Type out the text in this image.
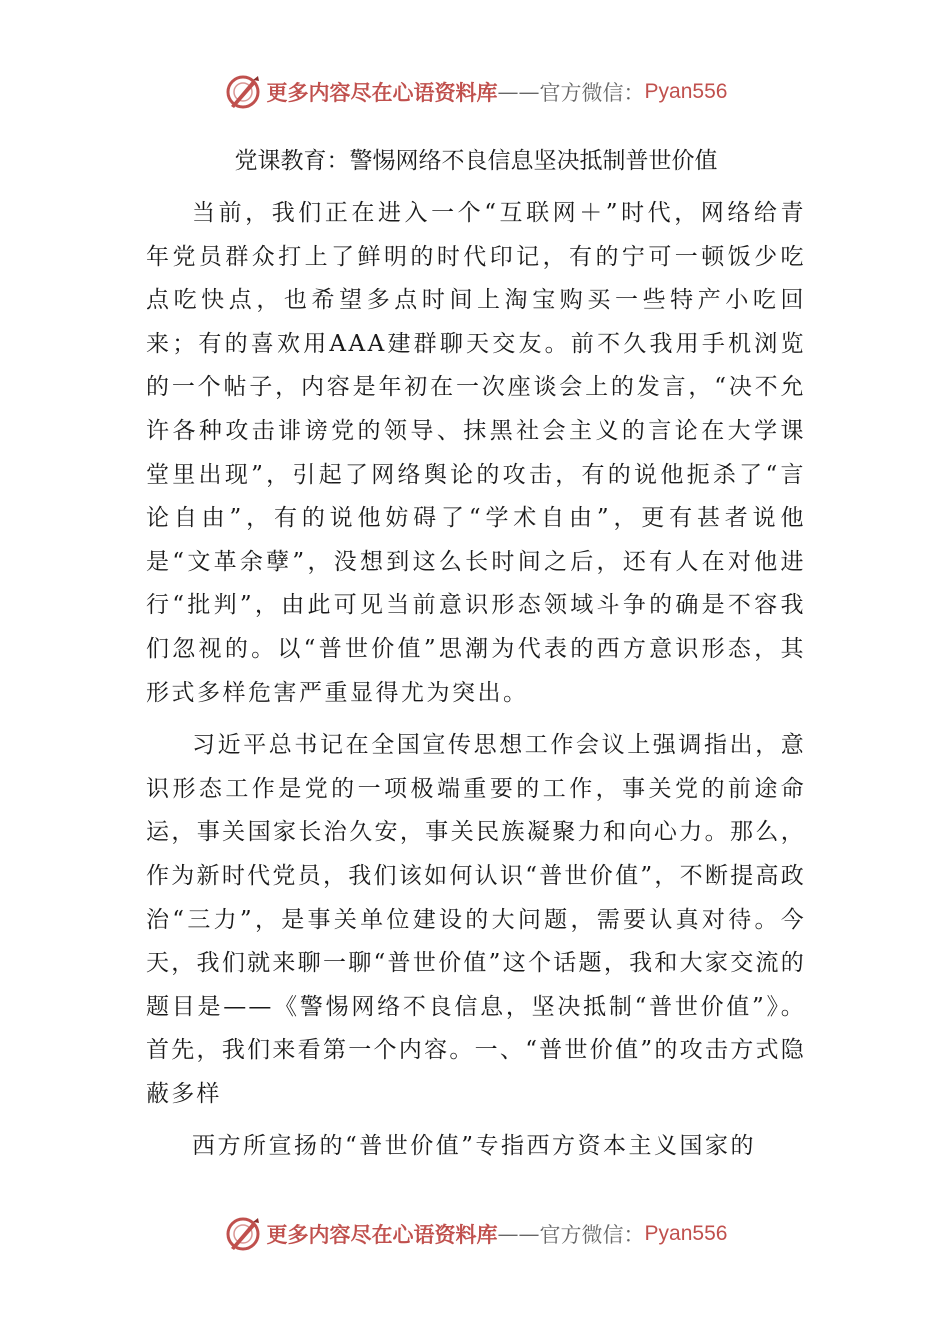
更多内容尽在心语资料库 —— 官方微信： Pyan556
党课教育：警惕网络不良信息坚决抵制普世价值

当前，我们正在进入一个“互联网＋”时代，网络给青年党员群众打上了鲜明的时代印记，有的宁可一顿饭少吃点吃快点，也希望多点时间上淘宝购买一些特产小吃回来；有的喜欢用AAA建群聊天交友。前不久我用手机浏览的一个帖子，内容是年初在一次座谈会上的发言，“决不允许各种攻击诽谤党的领导、抹黑社会主义的言论在大学课堂里出现”，引起了网络舆论的攻击，有的说他扼杀了“言论自由”，有的说他妨碍了“学术自由”，更有甚者说他是“文革余孽”，没想到这么长时间之后，还有人在对他进行“批判”，由此可见当前意识形态领域斗争的确是不容我们忽视的。以“普世价值”思潮为代表的西方意识形态，其形式多样危害严重显得尤为突出。

习近平总书记在全国宣传思想工作会议上强调指出，意识形态工作是党的一项极端重要的工作，事关党的前途命运，事关国家长治久安，事关民族凝聚力和向心力。那么，作为新时代党员，我们该如何认识“普世价值”，不断提高政治“三力”，是事关单位建设的大问题，需要认真对待。今天，我们就来聊一聊“普世价值”这个话题，我和大家交流的题目是——《警惕网络不良信息，坚决抵制“普世价值”》。首先，我们来看第一个内容。一、“普世价值”的攻击方式隐蔽多样

西方所宣扬的“普世价值”专指西方资本主义国家的

更多内容尽在心语资料库 —— 官方微信： Pyan556
